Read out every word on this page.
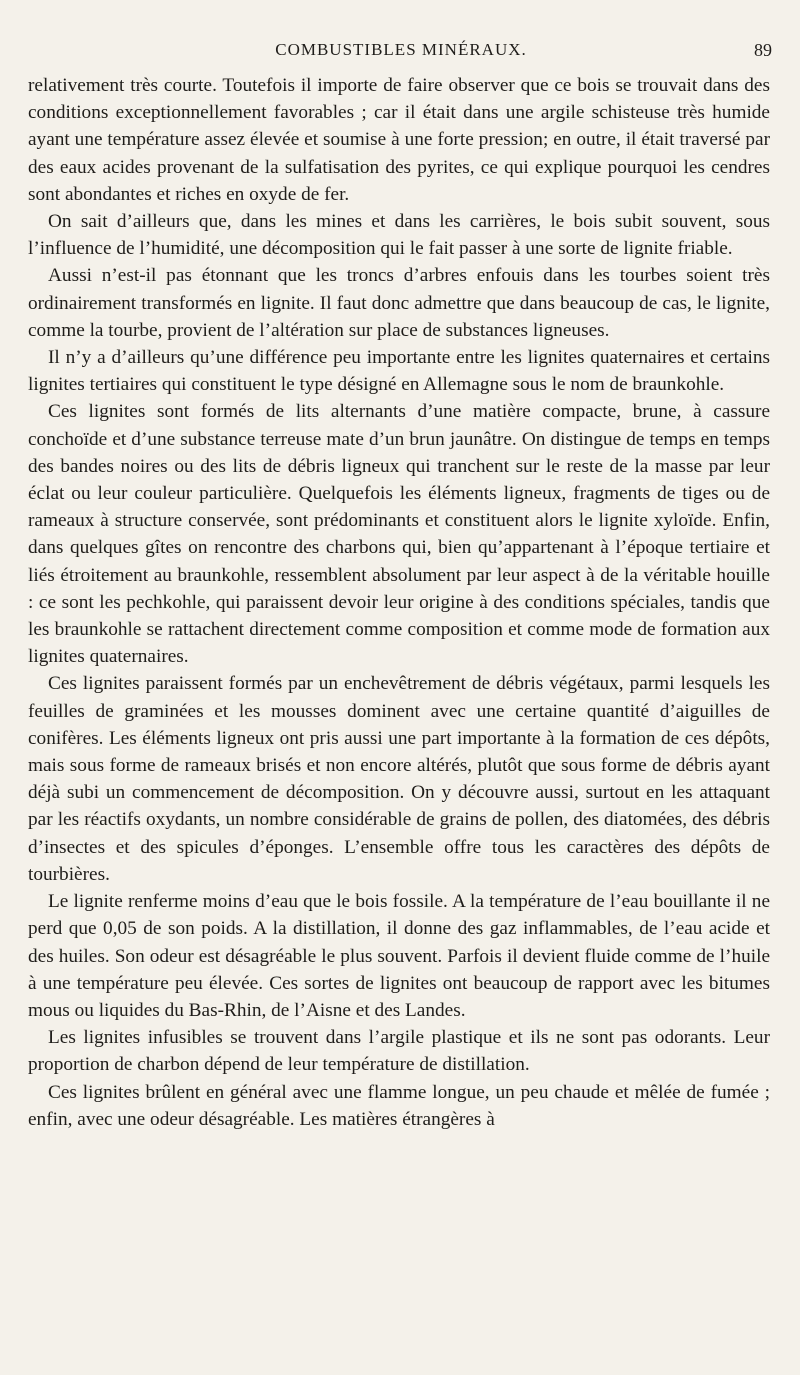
COMBUSTIBLES MINÉRAUX.	89

relativement très courte. Toutefois il importe de faire observer que ce bois se trouvait dans des conditions exceptionnellement favorables ; car il était dans une argile schisteuse très humide ayant une température assez élevée et soumise à une forte pression; en outre, il était traversé par des eaux acides provenant de la sulfatisation des pyrites, ce qui explique pourquoi les cendres sont abondantes et riches en oxyde de fer.

On sait d’ailleurs que, dans les mines et dans les carrières, le bois subit souvent, sous l’influence de l’humidité, une décomposition qui le fait passer à une sorte de lignite friable.

Aussi n’est-il pas étonnant que les troncs d’arbres enfouis dans les tourbes soient très ordinairement transformés en lignite. Il faut donc admettre que dans beaucoup de cas, le lignite, comme la tourbe, provient de l’altération sur place de substances ligneuses.

Il n’y a d’ailleurs qu’une différence peu importante entre les lignites quaternaires et certains lignites tertiaires qui constituent le type désigné en Allemagne sous le nom de braunkohle.

Ces lignites sont formés de lits alternants d’une matière compacte, brune, à cassure conchoïde et d’une substance terreuse mate d’un brun jaunâtre. On distingue de temps en temps des bandes noires ou des lits de débris ligneux qui tranchent sur le reste de la masse par leur éclat ou leur couleur particulière. Quelquefois les éléments ligneux, fragments de tiges ou de rameaux à structure conservée, sont prédominants et constituent alors le lignite xyloïde. Enfin, dans quelques gîtes on rencontre des charbons qui, bien qu’appartenant à l’époque tertiaire et liés étroitement au braunkohle, ressemblent absolument par leur aspect à de la véritable houille : ce sont les pechkohle, qui paraissent devoir leur origine à des conditions spéciales, tandis que les braunkohle se rattachent directement comme composition et comme mode de formation aux lignites quaternaires.

Ces lignites paraissent formés par un enchevêtrement de débris végétaux, parmi lesquels les feuilles de graminées et les mousses dominent avec une certaine quantité d’aiguilles de conifères. Les éléments ligneux ont pris aussi une part importante à la formation de ces dépôts, mais sous forme de rameaux brisés et non encore altérés, plutôt que sous forme de débris ayant déjà subi un commencement de décomposition. On y découvre aussi, surtout en les attaquant par les réactifs oxydants, un nombre considérable de grains de pollen, des diatomées, des débris d’insectes et des spicules d’éponges. L’ensemble offre tous les caractères des dépôts de tourbières.

Le lignite renferme moins d’eau que le bois fossile. A la température de l’eau bouillante il ne perd que 0,05 de son poids. A la distillation, il donne des gaz inflammables, de l’eau acide et des huiles. Son odeur est désagréable le plus souvent. Parfois il devient fluide comme de l’huile à une température peu élevée. Ces sortes de lignites ont beaucoup de rapport avec les bitumes mous ou liquides du Bas-Rhin, de l’Aisne et des Landes.

Les lignites infusibles se trouvent dans l’argile plastique et ils ne sont pas odorants. Leur proportion de charbon dépend de leur température de distillation.

Ces lignites brûlent en général avec une flamme longue, un peu chaude et mêlée de fumée ; enfin, avec une odeur désagréable. Les matières étrangères à
